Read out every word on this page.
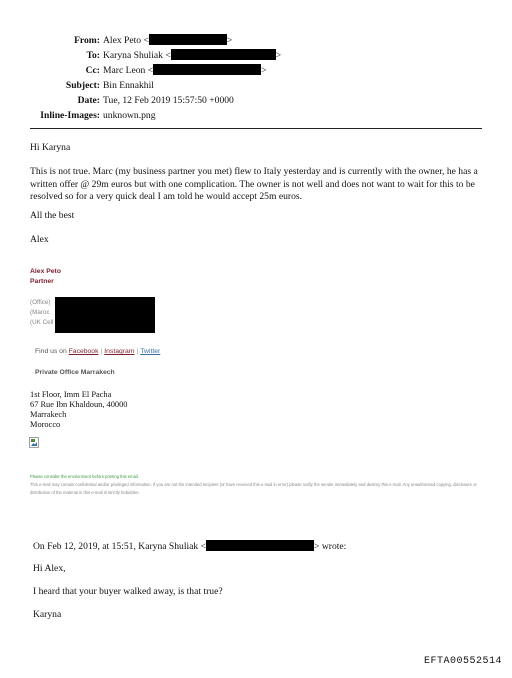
From: Alex Peto <	>
To: Karyna Shuliak <	>
Cc: Marc Leon <	>
Subject: Bin Ennakhil
Date: Tue, 12 Feb 2019 15:57:50 +0000
Inline-Images: unknown.png
Hi Karyna
This is not true. Marc (my business partner you met) flew to Italy yesterday and is currently with the owner, he has a written offer @ 29m euros but with one complication. The owner is not well and does not want to wait for this to be resolved so for a very quick deal I am told he would accept 25m euros.
All the best
Alex
Alex Peto
Partner
(Office)
(Maroc
(UK Cell
Find us on Facebook | Instagram | Twitter
Private Office Marrakech
1st Floor, Imm El Pacha
67 Rue Ibn Khaldoun, 40000
Marrakech
Morocco
Please consider the environment before printing this email.
This e-mail may contain confidential and/or privileged information. If you are not the intended recipient (or have received this e-mail in error) please notify the sender immediately and destroy this e-mail. Any unauthorised copying, disclosure or distribution of the material in this e-mail is strictly forbidden.
On Feb 12, 2019, at 15:51, Karyna Shuliak <	> wrote:
Hi Alex,
I heard that your buyer walked away, is that true?
Karyna
EFTA00552514
